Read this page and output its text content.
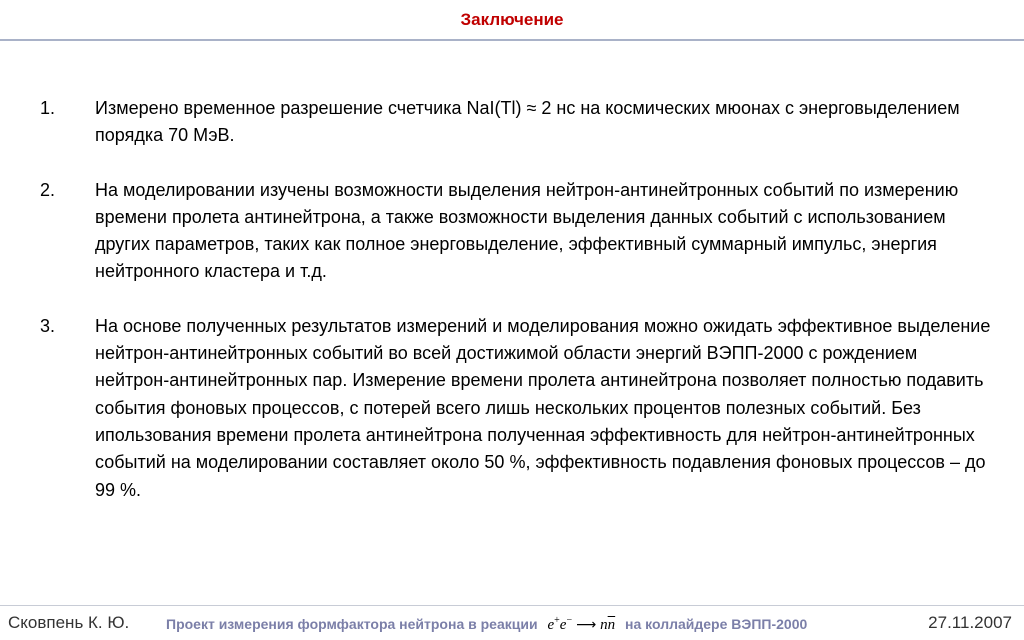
Заключение
1. Измерено временное разрешение счетчика NaI(Tl) ≈ 2 нс на космических мюонах с энерговыделением порядка 70 МэВ.
2. На моделировании изучены возможности выделения нейтрон-антинейтронных событий по измерению времени пролета антинейтрона, а также возможности выделения данных событий с использованием других параметров, таких как полное энерговыделение, эффективный суммарный импульс, энергия нейтронного кластера и т.д.
3. На основе полученных результатов измерений и моделирования можно ожидать эффективное выделение нейтрон-антинейтронных событий во всей достижимой области энергий ВЭПП-2000 с рождением нейтрон-антинейтронных пар. Измерение времени пролета антинейтрона позволяет полностью подавить события фоновых процессов, с потерей всего лишь нескольких процентов полезных событий. Без ипользования времени пролета антинейтрона полученная эффективность для нейтрон-антинейтронных событий на моделировании составляет около 50 %, эффективность подавления фоновых процессов – до 99 %.
Сковпень К. Ю.	Проект измерения формфактора нейтрона в реакции e+e− ⟶ $n\overline{n}$ на коллайдере ВЭПП-2000	27.11.2007
